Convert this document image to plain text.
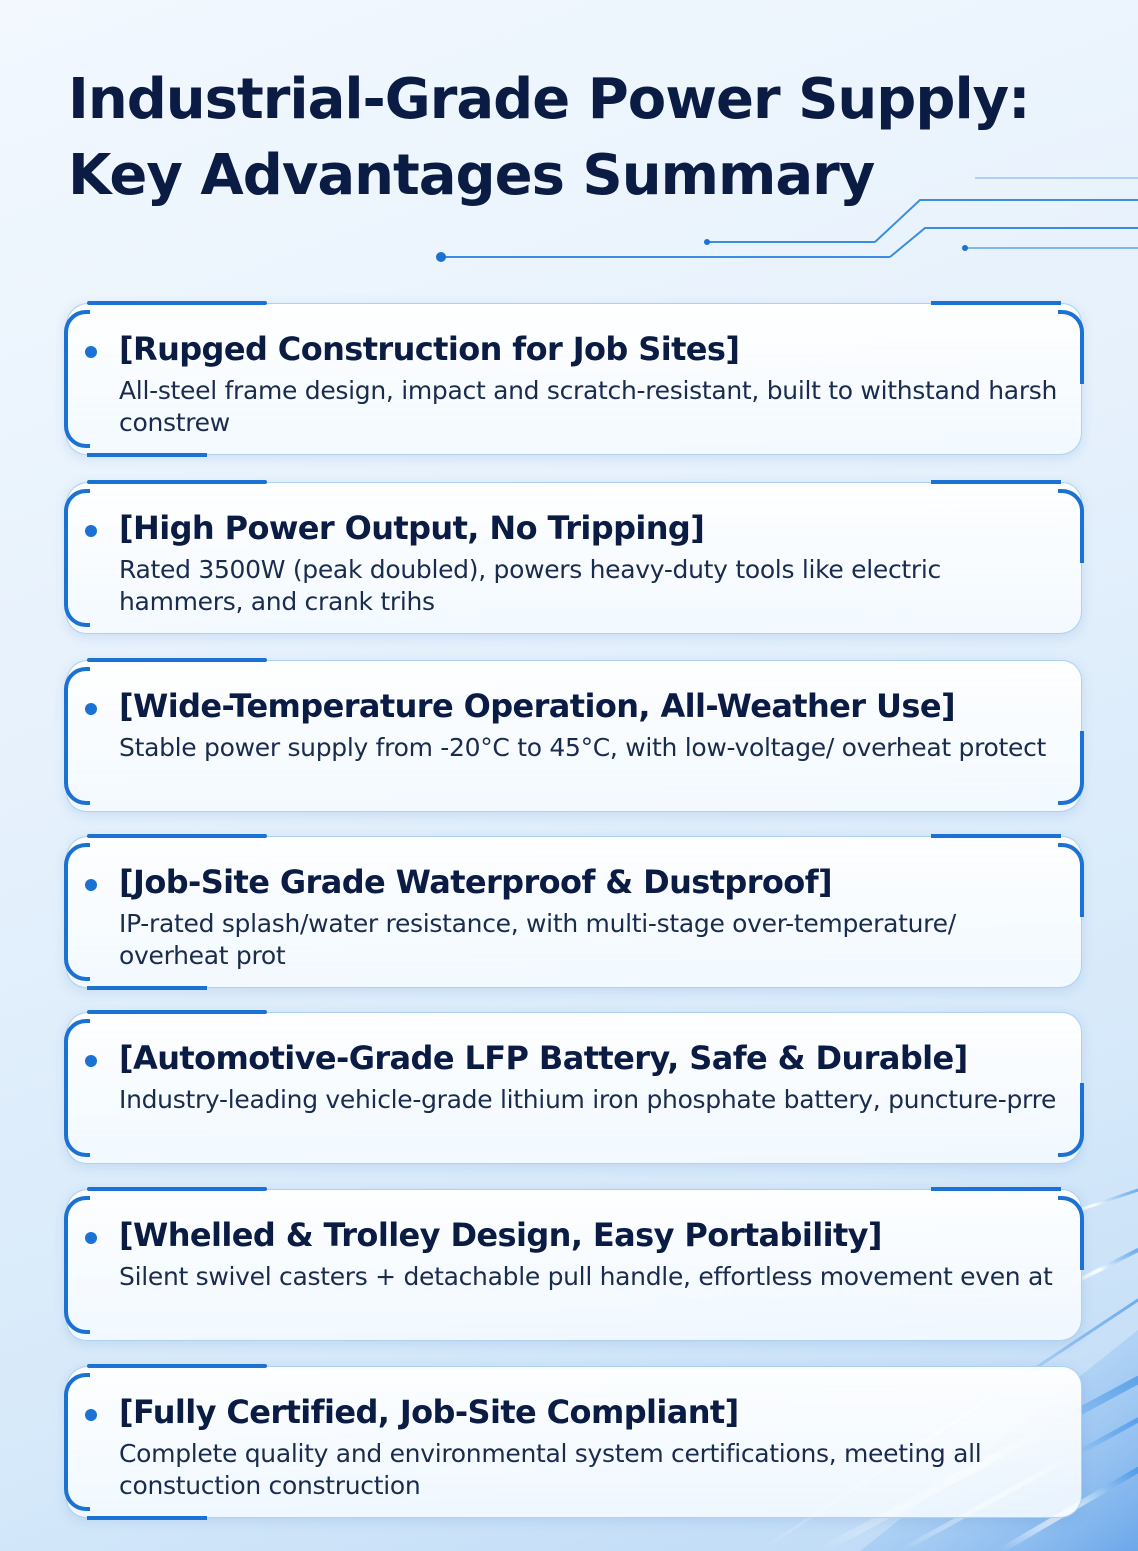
Industrial-Grade Power Supply:
Key Advantages Summary
[Rupged Construction for Job Sites]

All-steel frame design, impact and scratch-resistant, built to withstand harsh constrew

[High Power Output, No Tripping]

Rated 3500W (peak doubled), powers heavy-duty tools like electric hammers, and crank trihs

[Wide-Temperature Operation, All-Weather Use]

Stable power supply from -20°C to 45°C, with low-voltage/ overheat protect

[Job-Site Grade Waterproof & Dustproof]

IP-rated splash/water resistance, with multi-stage over-temperature/ overheat prot

[Automotive-Grade LFP Battery, Safe & Durable]

Industry-leading vehicle-grade lithium iron phosphate battery, puncture-prre

[Whelled & Trolley Design, Easy Portability]

Silent swivel casters + detachable pull handle, effortless movement even at

[Fully Certified, Job-Site Compliant]

Complete quality and environmental system certifications, meeting all constuction construction
